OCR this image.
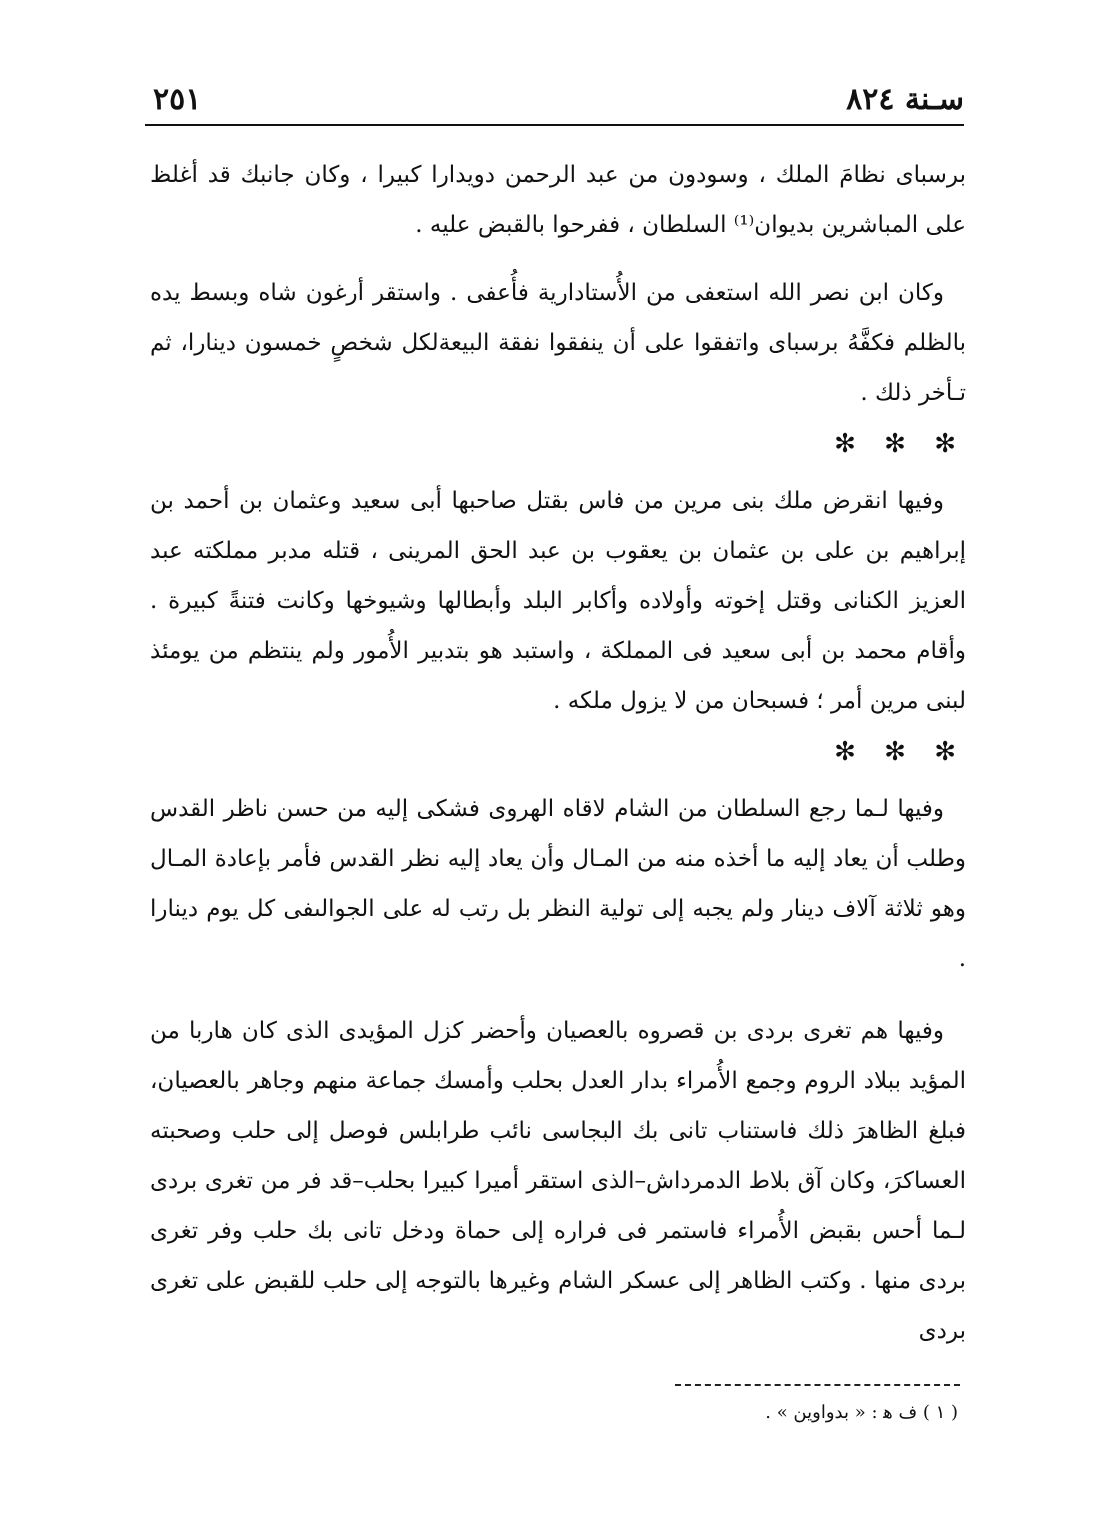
سـنة ٨٢٤
٢٥١

برسباى نظامَ الملك ، وسودون من عبد الرحمن دويدارا كبيرا ، وكان جانبك قد أغلظ على المباشرين بديوان⁽¹⁾ السلطان ، ففرحوا بالقبض عليه .

وكان ابن نصر الله استعفى من الأُستادارية فأُعفى . واستقر أرغون شاه وبسط يده بالظلم فكفَّهُ برسباى واتفقوا على أن ينفقوا نفقة البيعةلكل شخصٍ خمسون دينارا، ثم تـأخر ذلك .

✻ ✻ ✻

وفيها انقرض ملك بنى مرين من فاس بقتل صاحبها أبى سعيد وعثمان بن أحمد بن إبراهيم بن على بن عثمان بن يعقوب بن عبد الحق المرينى ، قتله مدبر مملكته عبد العزيز الكنانى وقتل إخوته وأولاده وأكابر البلد وأبطالها وشيوخها وكانت فتنةً كبيرة . وأقام محمد بن أبى سعيد فى المملكة ، واستبد هو بتدبير الأُمور ولم ينتظم من يومئذ لبنى مرين أمر ؛ فسبحان من لا يزول ملكه .

✻ ✻ ✻

وفيها لـما رجع السلطان من الشام لاقاه الهروى فشكى إليه من حسن ناظر القدس وطلب أن يعاد إليه ما أخذه منه من المـال وأن يعاد إليه نظر القدس فأمر بإعادة المـال وهو ثلاثة آلاف دينار ولم يجبه إلى تولية النظر بل رتب له على الجوالىفى كل يوم دينارا .

وفيها هم تغرى بردى بن قصروه بالعصيان وأحضر كزل المؤيدى الذى كان هاربا من المؤيد ببلاد الروم وجمع الأُمراء بدار العدل بحلب وأمسك جماعة منهم وجاهر بالعصيان، فبلغ الظاهرَ ذلك فاستناب تانى بك البجاسى نائب طرابلس فوصل إلى حلب وصحبته العساكرَ، وكان آق بلاط الدمرداش–الذى استقر أميرا كبيرا بحلب–قد فر من تغرى بردى لـما أحس بقبض الأُمراء فاستمر فى فراره إلى حماة ودخل تانى بك حلب وفر تغرى بردى منها . وكتب الظاهر إلى عسكر الشام وغيرها بالتوجه إلى حلب للقبض على تغرى بردى

( ١ ) ف ﻫ : « بدواوين » .
